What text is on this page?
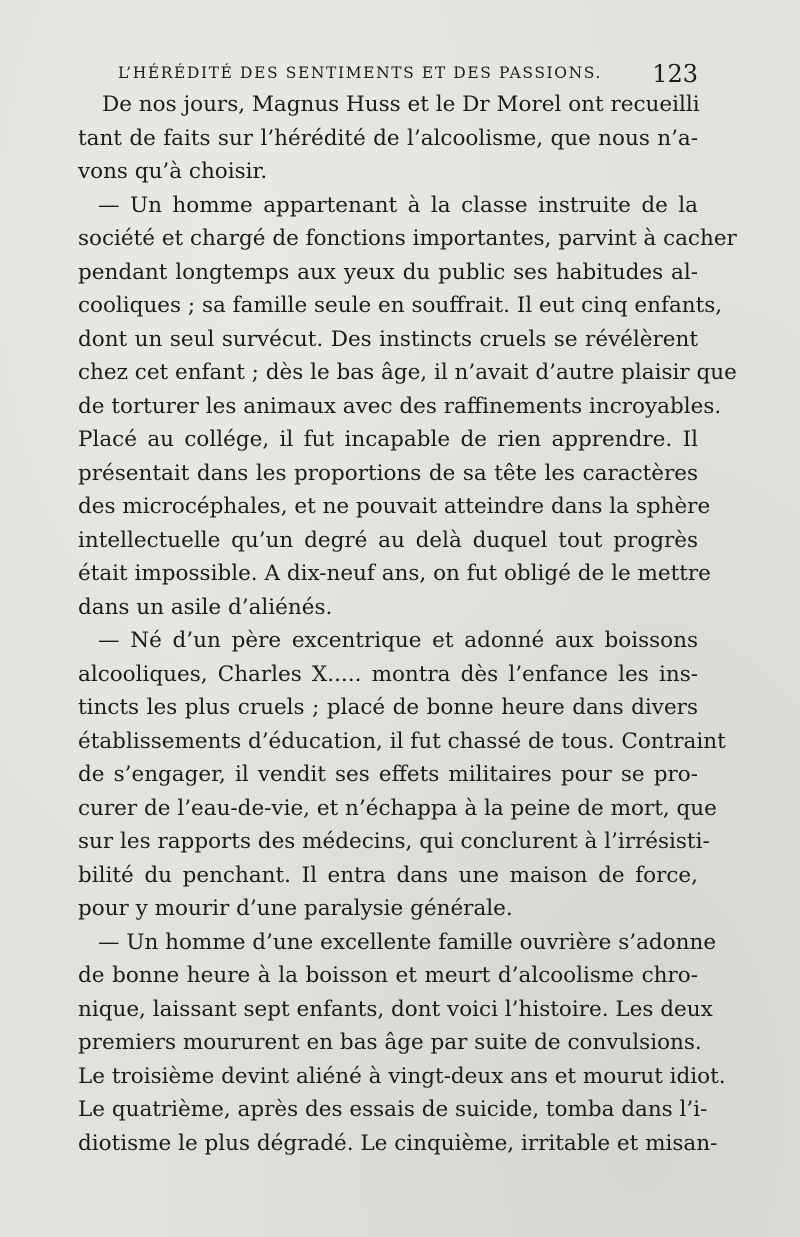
L’HÉRÉDITÉ DES SENTIMENTS ET DES PASSIONS. 123
De nos jours, Magnus Huss et le Dr Morel ont recueilli
tant de faits sur l’hérédité de l’alcoolisme, que nous n’a-
vons qu’à choisir.
— Un homme appartenant à la classe instruite de la
société et chargé de fonctions importantes, parvint à cacher
pendant longtemps aux yeux du public ses habitudes al-
cooliques ; sa famille seule en souffrait. Il eut cinq enfants,
dont un seul survécut. Des instincts cruels se révélèrent
chez cet enfant ; dès le bas âge, il n’avait d’autre plaisir que
de torturer les animaux avec des raffinements incroyables.
Placé au collége, il fut incapable de rien apprendre. Il
présentait dans les proportions de sa tête les caractères
des microcéphales, et ne pouvait atteindre dans la sphère
intellectuelle qu’un degré au delà duquel tout progrès
était impossible. A dix-neuf ans, on fut obligé de le mettre
dans un asile d’aliénés.
— Né d’un père excentrique et adonné aux boissons
alcooliques, Charles X..... montra dès l’enfance les ins-
tincts les plus cruels ; placé de bonne heure dans divers
établissements d’éducation, il fut chassé de tous. Contraint
de s’engager, il vendit ses effets militaires pour se pro-
curer de l’eau-de-vie, et n’échappa à la peine de mort, que
sur les rapports des médecins, qui conclurent à l’irrésisti-
bilité du penchant. Il entra dans une maison de force,
pour y mourir d’une paralysie générale.
— Un homme d’une excellente famille ouvrière s’adonne
de bonne heure à la boisson et meurt d’alcoolisme chro-
nique, laissant sept enfants, dont voici l’histoire. Les deux
premiers moururent en bas âge par suite de convulsions.
Le troisième devint aliéné à vingt-deux ans et mourut idiot.
Le quatrième, après des essais de suicide, tomba dans l’i-
diotisme le plus dégradé. Le cinquième, irritable et misan-
